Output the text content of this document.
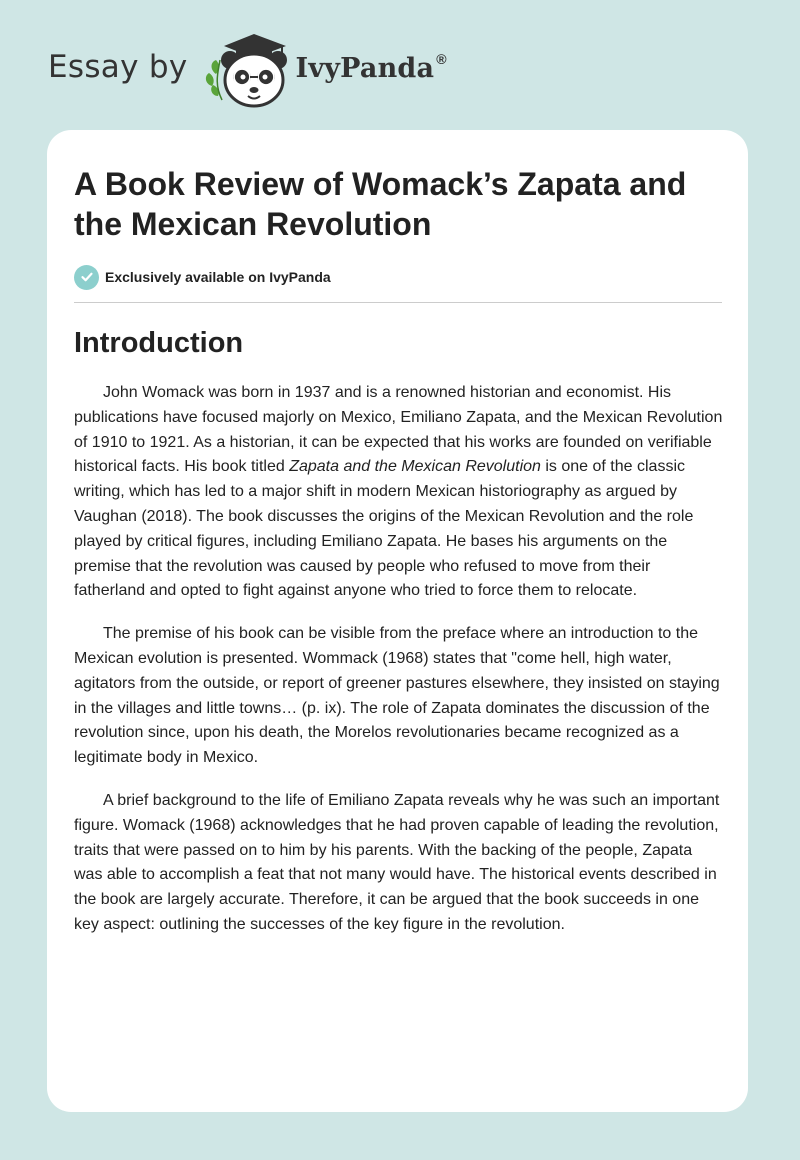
Essay by	IvyPanda ®
A Book Review of Womack’s Zapata and the Mexican Revolution
Exclusively available on IvyPanda
Introduction

John Womack was born in 1937 and is a renowned historian and economist. His publications have focused majorly on Mexico, Emiliano Zapata, and the Mexican Revolution of 1910 to 1921. As a historian, it can be expected that his works are founded on verifiable historical facts. His book titled Zapata and the Mexican Revolution is one of the classic writing, which has led to a major shift in modern Mexican historiography as argued by Vaughan (2018). The book discusses the origins of the Mexican Revolution and the role played by critical figures, including Emiliano Zapata. He bases his arguments on the premise that the revolution was caused by people who refused to move from their fatherland and opted to fight against anyone who tried to force them to relocate.

The premise of his book can be visible from the preface where an introduction to the Mexican evolution is presented. Wommack (1968) states that "come hell, high water, agitators from the outside, or report of greener pastures elsewhere, they insisted on staying in the villages and little towns… (p. ix). The role of Zapata dominates the discussion of the revolution since, upon his death, the Morelos revolutionaries became recognized as a legitimate body in Mexico.

A brief background to the life of Emiliano Zapata reveals why he was such an important figure. Womack (1968) acknowledges that he had proven capable of leading the revolution, traits that were passed on to him by his parents. With the backing of the people, Zapata was able to accomplish a feat that not many would have. The historical events described in the book are largely accurate. Therefore, it can be argued that the book succeeds in one key aspect: outlining the successes of the key figure in the revolution.
